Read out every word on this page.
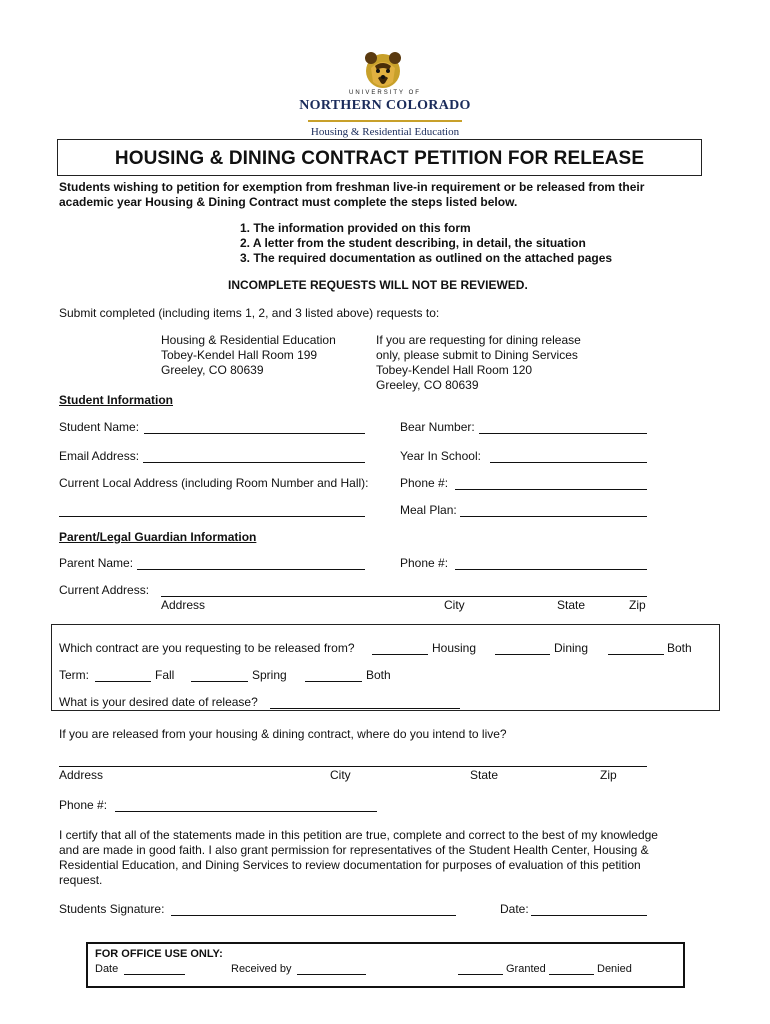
UNIVERSITY OF
NORTHERN COLORADO
Housing & Residential Education
HOUSING & DINING CONTRACT PETITION FOR RELEASE
Students wishing to petition for exemption from freshman live-in requirement or be released from their
academic year Housing & Dining Contract must complete the steps listed below.
1. The information provided on this form
2. A letter from the student describing, in detail, the situation
3. The required documentation as outlined on the attached pages
INCOMPLETE REQUESTS WILL NOT BE REVIEWED.
Submit completed (including items 1, 2, and 3 listed above) requests to:
Housing & Residential Education
Tobey-Kendel Hall Room 199
Greeley, CO 80639
If you are requesting for dining release
only, please submit to Dining Services
Tobey-Kendel Hall Room 120
Greeley, CO 80639
Student Information
Student Name:	Bear Number:
Email Address:	Year In School:
Current Local Address (including Room Number and Hall):	Phone #:
Meal Plan:
Parent/Legal Guardian Information
Parent Name:	Phone #:
Current Address:
Address	City	State	Zip
Which contract are you requesting to be released from?	Housing	Dining	Both
Term:	Fall	Spring	Both
What is your desired date of release?
If you are released from your housing & dining contract, where do you intend to live?
Address	City	State	Zip
Phone #:
I certify that all of the statements made in this petition are true, complete and correct to the best of my knowledge
and are made in good faith. I also grant permission for representatives of the Student Health Center, Housing &
Residential Education, and Dining Services to review documentation for purposes of evaluation of this petition
request.
Students Signature:	Date:
FOR OFFICE USE ONLY:
Date	Received by	Granted	Denied
